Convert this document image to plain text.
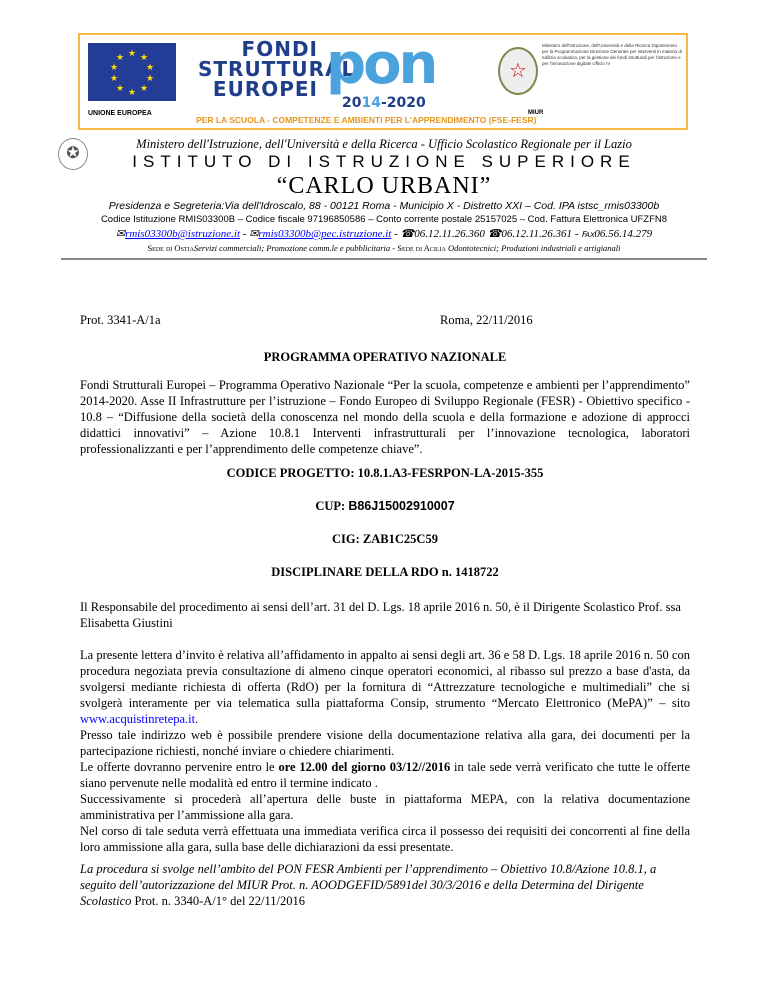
★ ★
★
★
★
★
★
★
★
★
UNIONE EUROPEA
FONDI
STRUTTURALI
EUROPEI pon
2014-2020
PER LA SCUOLA - COMPETENZE E AMBIENTI PER L'APPRENDIMENTO (FSE-FESR)
☆
Ministero dell'Istruzione, dell'Università e della Ricerca Dipartimento per la Programmazione Direzione Generale per interventi in materia di edilizia scolastica, per la gestione dei fondi strutturali per l'istruzione e per l'innovazione digitale Ufficio IV
MIUR
✪
Ministero dell'Istruzione, dell'Università e della Ricerca - Ufficio Scolastico Regionale per il Lazio
ISTITUTO DI ISTRUZIONE SUPERIORE
“CARLO URBANI”
Presidenza e Segreteria:Via dell'Idroscalo, 88 - 00121 Roma - Municipio X - Distretto XXI – Cod. IPA istsc_rmis03300b
Codice Istituzione RMIS03300B – Codice fiscale 97196850586 – Conto corrente postale 25157025 – Cod. Fattura Elettronica UFZFN8
✉rmis03300b@istruzione.it - ✉rmis03300b@pec.istruzione.it - ☎06.12.11.26.360 ☎06.12.11.26.361 - ℻06.56.14.279
Sede di OstiaServizi commerciali; Promozione comm.le e pubblicitaria - Sede di Acilia Odontotecnici; Produzioni industriali e artigianali
Prot. 3341-A/1a	Roma, 22/11/2016
PROGRAMMA OPERATIVO NAZIONALE
Fondi Strutturali Europei – Programma Operativo Nazionale “Per la scuola, competenze e ambienti per l’apprendimento” 2014-2020. Asse II Infrastrutture per l’istruzione – Fondo Europeo di Sviluppo Regionale (FESR) - Obiettivo specifico - 10.8 – “Diffusione della società della conoscenza nel mondo della scuola e della formazione e adozione di approcci didattici innovativi” – Azione 10.8.1 Interventi infrastrutturali per l’innovazione tecnologica, laboratori professionalizzanti e per l’apprendimento delle competenze chiave”.
CODICE PROGETTO: 10.8.1.A3-FESRPON-LA-2015-355
CUP: B86J15002910007
CIG: ZAB1C25C59
DISCIPLINARE DELLA RDO n. 1418722
Il Responsabile del procedimento ai sensi dell’art. 31 del D. Lgs. 18 aprile 2016 n. 50, è il Dirigente Scolastico Prof. ssa Elisabetta Giustini
La presente lettera d’invito è relativa all’affidamento in appalto ai sensi degli art. 36 e 58 D. Lgs. 18 aprile 2016 n. 50 con procedura negoziata previa consultazione di almeno cinque operatori economici, al ribasso sul prezzo a base d'asta, da svolgersi mediante richiesta di offerta (RdO) per la fornitura di “Attrezzature tecnologiche e multimediali” che si svolgerà interamente per via telematica sulla piattaforma Consip, strumento “Mercato Elettronico (MePA)” – sito www.acquistinretepa.it.
Presso tale indirizzo web è possibile prendere visione della documentazione relativa alla gara, dei documenti per la partecipazione richiesti, nonché inviare o chiedere chiarimenti.
Le offerte dovranno pervenire entro le ore 12.00 del giorno 03/12//2016 in tale sede verrà verificato che tutte le offerte siano pervenute nelle modalità ed entro il termine indicato .
Successivamente si procederà all’apertura delle buste in piattaforma MEPA, con la relativa documentazione amministrativa per l’ammissione alla gara.
Nel corso di tale seduta verrà effettuata una immediata verifica circa il possesso dei requisiti dei concorrenti al fine della loro ammissione alla gara, sulla base delle dichiarazioni da essi presentate.
La procedura si svolge nell’ambito del PON FESR Ambienti per l’apprendimento – Obiettivo 10.8/Azione 10.8.1, a seguito dell’autorizzazione del MIUR Prot. n. AOODGEFID/5891del 30/3/2016 e della Determina del Dirigente Scolastico Prot. n. 3340-A/1° del 22/11/2016
